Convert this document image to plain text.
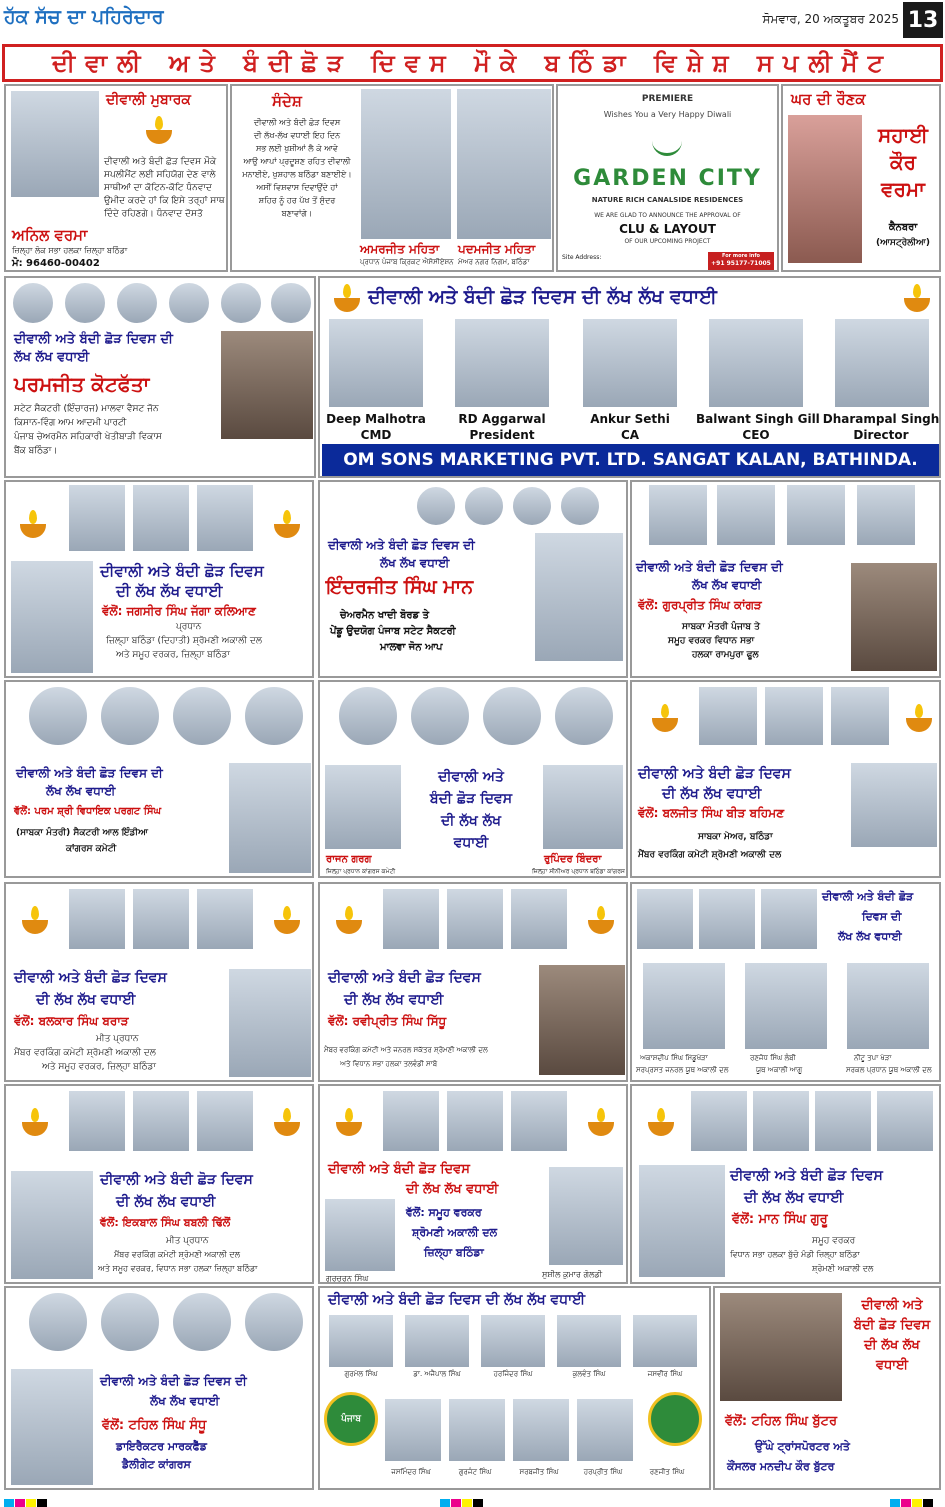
ਹੱਕ ਸੱਚ ਦਾ ਪਹਿਰੇਦਾਰ	ਸੋਮਵਾਰ, 20 ਅਕਤੂਬਰ 2025 13
ਦੀਵਾਲੀ ਅਤੇ ਬੰਦੀਛੋੜ ਦਿਵਸ ਮੌਕੇ ਬਠਿੰਡਾ ਵਿਸ਼ੇਸ਼ ਸਪਲੀਮੈਂਟ
ਦੀਵਾਲੀ ਮੁਬਾਰਕ
ਦੀਵਾਲੀ ਅਤੇ ਬੰਦੀ ਛੋੜ ਦਿਵਸ ਮੌਕੇ
ਸਪਲੀਮੈਂਟ ਲਈ ਸਹਿਯੋਗ ਦੇਣ ਵਾਲੇ
ਸਾਥੀਆਂ ਦਾ ਕੋਟਿਨ-ਕੋਟਿ ਧੰਨਵਾਦ
ਉਮੀਦ ਕਰਦੇ ਹਾਂ ਕਿ ਇਸੇ ਤਰ੍ਹਾਂ ਸਾਥ
ਦਿੰਦੇ ਰਹਿਣਗੇ। ਧੰਨਵਾਦ ਦੋਸਤੋ
ਅਨਿਲ ਵਰਮਾ
ਜ਼ਿਲ੍ਹਾ ਲੋਕ ਸਭਾ ਹਲਕਾ ਜ਼ਿਲ੍ਹਾ ਬਠਿੰਡਾ
ਮੋ: 96460-00402
ਸੰਦੇਸ਼
ਦੀਵਾਲੀ ਅਤੇ ਬੰਦੀ ਛੋੜ ਦਿਵਸ
ਦੀ ਲੱਖ-ਲੱਖ ਵਧਾਈ ਇਹ ਦਿਨ
ਸਭ ਲਈ ਖੁਸ਼ੀਆਂ ਲੈ ਕੇ ਆਵੇ
ਆਉ ਆਪਾਂ ਪ੍ਰਦੂਸ਼ਣ ਰਹਿਤ ਦੀਵਾਲੀ
ਮਨਾਈਏ, ਖੁਸ਼ਹਾਲ ਬਠਿੰਡਾ ਬਣਾਈਏ।
ਅਸੀਂ ਵਿਸ਼ਵਾਸ ਦਿਵਾਉਂਦੇ ਹਾਂ
ਸ਼ਹਿਰ ਨੂੰ ਹਰ ਪੱਖ ਤੋਂ ਸੁੰਦਰ
ਬਣਾਵਾਂਗੇ।
ਅਮਰਜੀਤ ਮਹਿਤਾ
ਪ੍ਰਧਾਨ ਪੰਜਾਬ ਕ੍ਰਿਕਟ ਐਸੋਸੀਏਸ਼ਨ
ਪਦਮਜੀਤ ਮਹਿਤਾ
ਮੇਅਰ ਨਗਰ ਨਿਗਮ, ਬਠਿੰਡਾ
PREMIERE
Wishes You a Very Happy Diwali
GARDEN CITY
NATURE RICH CANALSIDE RESIDENCES
WE ARE GLAD TO ANNOUNCE THE APPROVAL OF
CLU & LAYOUT
OF OUR UPCOMING PROJECT
Site Address:	For more info
+91 95177-71005
ਘਰ ਦੀ ਰੌਣਕ
ਸਹਾਈ
ਕੌਰ
ਵਰਮਾ
ਕੈਨਬਰਾ
(ਆਸਟ੍ਰੇਲੀਆ)
ਦੀਵਾਲੀ ਅਤੇ ਬੰਦੀ ਛੋੜ ਦਿਵਸ ਦੀ
ਲੱਖ ਲੱਖ ਵਧਾਈ
ਪਰਮਜੀਤ ਕੋਟਫੱਤਾ
ਸਟੇਟ ਸੈਕਟਰੀ (ਇੰਚਾਰਜ) ਮਾਲਵਾ ਵੈਸਟ ਜੋਨ
ਕਿਸਾਨ-ਵਿੰਗ ਆਮ ਆਦਮੀ ਪਾਰਟੀ
ਪੰਜਾਬ ਚੇਅਰਮੈਨ ਸਹਿਕਾਰੀ ਖੇਤੀਬਾੜੀ ਵਿਕਾਸ
ਬੈਂਕ ਬਠਿੰਡਾ।
ਦੀਵਾਲੀ ਅਤੇ ਬੰਦੀ ਛੋੜ ਦਿਵਸ ਦੀ ਲੱਖ ਲੱਖ ਵਧਾਈ
Deep Malhotra
CMD
RD Aggarwal
President
Ankur Sethi
CA
Balwant Singh Gill
CEO
Dharampal Singh
Director
OM SONS MARKETING PVT. LTD. SANGAT KALAN, BATHINDA.
ਦੀਵਾਲੀ ਅਤੇ ਬੰਦੀ ਛੋੜ ਦਿਵਸ
ਦੀ ਲੱਖ ਲੱਖ ਵਧਾਈ
ਵੱਲੋਂ: ਜਗਸੀਰ ਸਿੰਘ ਜੱਗਾ ਕਲਿਆਣ
ਪ੍ਰਧਾਨ
ਜ਼ਿਲ੍ਹਾ ਬਠਿੰਡਾ (ਦਿਹਾਤੀ) ਸ਼੍ਰੋਮਣੀ ਅਕਾਲੀ ਦਲ
ਅਤੇ ਸਮੂਹ ਵਰਕਰ, ਜ਼ਿਲ੍ਹਾ ਬਠਿੰਡਾ
ਦੀਵਾਲੀ ਅਤੇ ਬੰਦੀ ਛੋੜ ਦਿਵਸ ਦੀ
ਲੱਖ ਲੱਖ ਵਧਾਈ
ਇੰਦਰਜੀਤ ਸਿੰਘ ਮਾਨ
ਚੇਅਰਮੈਨ ਖਾਦੀ ਬੋਰਡ ਤੇ
ਪੇਂਡੂ ਉਦਯੋਗ ਪੰਜਾਬ ਸਟੇਟ ਸੈਕਟਰੀ
ਮਾਲਵਾ ਜੋਨ ਆਪ
ਦੀਵਾਲੀ ਅਤੇ ਬੰਦੀ ਛੋੜ ਦਿਵਸ ਦੀ
ਲੱਖ ਲੱਖ ਵਧਾਈ
ਵੱਲੋਂ: ਗੁਰਪ੍ਰੀਤ ਸਿੰਘ ਕਾਂਗੜ
ਸਾਬਕਾ ਮੰਤਰੀ ਪੰਜਾਬ ਤੇ
ਸਮੂਹ ਵਰਕਰ ਵਿਧਾਨ ਸਭਾ
ਹਲਕਾ ਰਾਮਪੁਰਾ ਫੂਲ
ਦੀਵਾਲੀ ਅਤੇ ਬੰਦੀ ਛੋੜ ਦਿਵਸ ਦੀ
ਲੱਖ ਲੱਖ ਵਧਾਈ
ਵੱਲੋਂ: ਪਰਮ ਸ਼੍ਰੀ ਵਿਧਾਇਕ ਪਰਗਟ ਸਿੰਘ
(ਸਾਬਕਾ ਮੰਤਰੀ) ਸੈਕਟਰੀ ਆਲ ਇੰਡੀਆ
ਕਾਂਗਰਸ ਕਮੇਟੀ
ਰਾਜਨ ਗਰਗ
ਜ਼ਿਲ੍ਹਾ ਪ੍ਰਧਾਨ ਕਾਂਗਰਸ ਕਮੇਟੀ
ਦੀਵਾਲੀ ਅਤੇ
ਬੰਦੀ ਛੋੜ ਦਿਵਸ
ਦੀ ਲੱਖ ਲੱਖ
ਵਧਾਈ
ਰੁਪਿੰਦਰ ਬਿੰਦਰਾ
ਜ਼ਿਲ੍ਹਾ ਸੀਨੀਅਰ ਪ੍ਰਧਾਨ ਬਠਿੰਡਾ ਕਾਂਗਰਸ
ਦੀਵਾਲੀ ਅਤੇ ਬੰਦੀ ਛੋੜ ਦਿਵਸ
ਦੀ ਲੱਖ ਲੱਖ ਵਧਾਈ
ਵੱਲੋਂ: ਬਲਜੀਤ ਸਿੰਘ ਬੀੜ ਬਹਿਮਣ
ਸਾਬਕਾ ਮੇਅਰ, ਬਠਿੰਡਾ
ਮੈਂਬਰ ਵਰਕਿੰਗ ਕਮੇਟੀ ਸ਼੍ਰੋਮਣੀ ਅਕਾਲੀ ਦਲ
ਦੀਵਾਲੀ ਅਤੇ ਬੰਦੀ ਛੋੜ ਦਿਵਸ
ਦੀ ਲੱਖ ਲੱਖ ਵਧਾਈ
ਵੱਲੋਂ: ਬਲਕਾਰ ਸਿੰਘ ਬਰਾੜ
ਮੀਤ ਪ੍ਰਧਾਨ
ਮੈਂਬਰ ਵਰਕਿੰਗ ਕਮੇਟੀ ਸ਼੍ਰੋਮਣੀ ਅਕਾਲੀ ਦਲ
ਅਤੇ ਸਮੂਹ ਵਰਕਰ, ਜ਼ਿਲ੍ਹਾ ਬਠਿੰਡਾ
ਦੀਵਾਲੀ ਅਤੇ ਬੰਦੀ ਛੋੜ ਦਿਵਸ
ਦੀ ਲੱਖ ਲੱਖ ਵਧਾਈ
ਵੱਲੋਂ: ਰਵੀਪ੍ਰੀਤ ਸਿੰਘ ਸਿੱਧੂ
ਮੈਂਬਰ ਵਰਕਿੰਗ ਕਮੇਟੀ ਅਤੇ ਜਨਰਲ ਸਕੱਤਰ ਸ਼੍ਰੋਮਣੀ ਅਕਾਲੀ ਦਲ
ਅਤੇ ਵਿਧਾਨ ਸਭਾ ਹਲਕਾ ਤਲਵੰਡੀ ਸਾਬੋ
ਦੀਵਾਲੀ ਅਤੇ ਬੰਦੀ ਛੋੜ
ਦਿਵਸ ਦੀ
ਲੱਖ ਲੱਖ ਵਧਾਈ
ਅਕਾਸ਼ਦੀਪ ਸਿੰਘ ਮਿੱਡੂਖੇੜਾ
ਸਰਪ੍ਰਸਤ ਜਨਰਲ ਯੂਥ ਅਕਾਲੀ ਦਲ
ਰਣਜੋਧ ਸਿੰਘ ਲੰਬੀ
ਯੂਥ ਅਕਾਲੀ ਆਗੂ
ਨੀਟੂ ਤਪਾ ਖੇੜਾ
ਸਰਕਲ ਪ੍ਰਧਾਨ ਯੂਥ ਅਕਾਲੀ ਦਲ
ਦੀਵਾਲੀ ਅਤੇ ਬੰਦੀ ਛੋੜ ਦਿਵਸ
ਦੀ ਲੱਖ ਲੱਖ ਵਧਾਈ
ਵੱਲੋਂ: ਇਕਬਾਲ ਸਿੰਘ ਬਬਲੀ ਢਿੱਲੋਂ
ਮੀਤ ਪ੍ਰਧਾਨ
ਮੈਂਬਰ ਵਰਕਿੰਗ ਕਮੇਟੀ ਸ਼੍ਰੋਮਣੀ ਅਕਾਲੀ ਦਲ
ਅਤੇ ਸਮੂਹ ਵਰਕਰ, ਵਿਧਾਨ ਸਭਾ ਹਲਕਾ ਜ਼ਿਲ੍ਹਾ ਬਠਿੰਡਾ
ਦੀਵਾਲੀ ਅਤੇ ਬੰਦੀ ਛੋੜ ਦਿਵਸ
ਦੀ ਲੱਖ ਲੱਖ ਵਧਾਈ
ਗੁਰਚਰਨ ਸਿੰਘ
ਵੱਲੋਂ: ਸਮੂਹ ਵਰਕਰ
ਸ਼੍ਰੋਮਣੀ ਅਕਾਲੀ ਦਲ
ਜ਼ਿਲ੍ਹਾ ਬਠਿੰਡਾ
ਸੁਸ਼ੀਲ ਕੁਮਾਰ ਗੋਲਡੀ
ਦੀਵਾਲੀ ਅਤੇ ਬੰਦੀ ਛੋੜ ਦਿਵਸ
ਦੀ ਲੱਖ ਲੱਖ ਵਧਾਈ
ਵੱਲੋਂ: ਮਾਨ ਸਿੰਘ ਗੁਰੂ
ਸਮੂਹ ਵਰਕਰ
ਵਿਧਾਨ ਸਭਾ ਹਲਕਾ ਬੁੱਚੋ ਮੰਡੀ ਜ਼ਿਲ੍ਹਾ ਬਠਿੰਡਾ
ਸ਼੍ਰੋਮਣੀ ਅਕਾਲੀ ਦਲ
ਦੀਵਾਲੀ ਅਤੇ ਬੰਦੀ ਛੋੜ ਦਿਵਸ ਦੀ
ਲੱਖ ਲੱਖ ਵਧਾਈ
ਵੱਲੋਂ: ਟਹਿਲ ਸਿੰਘ ਸੰਧੂ
ਡਾਇਰੈਕਟਰ ਮਾਰਕਫੈੱਡ
ਡੈਲੀਗੇਟ ਕਾਂਗਰਸ
ਦੀਵਾਲੀ ਅਤੇ ਬੰਦੀ ਛੋੜ ਦਿਵਸ ਦੀ ਲੱਖ ਲੱਖ ਵਧਾਈ
ਗੁਰਮੇਲ ਸਿੰਘ	ਡਾ. ਅਜੈਪਾਲ ਸਿੰਘ	ਹਰਜਿੰਦਰ ਸਿੰਘ	ਕੁਲਵੰਤ ਸਿੰਘ	ਜਸਵੀਰ ਸਿੰਘ
ਪੰਜਾਬ
ਜਸਮਿੰਦਰ ਸਿੰਘ	ਗੁਰਜੰਟ ਸਿੰਘ	ਸਰਬਜੀਤ ਸਿੰਘ	ਹਰਪ੍ਰੀਤ ਸਿੰਘ	ਰਣਜੀਤ ਸਿੰਘ
ਦੀਵਾਲੀ ਅਤੇ
ਬੰਦੀ ਛੋੜ ਦਿਵਸ
ਦੀ ਲੱਖ ਲੱਖ
ਵਧਾਈ
ਵੱਲੋਂ: ਟਹਿਲ ਸਿੰਘ ਬੁੱਟਰ
ਉੱਘੇ ਟ੍ਰਾਂਸਪੋਰਟਰ ਅਤੇ
ਕੌਂਸਲਰ ਮਨਦੀਪ ਕੌਰ ਬੁੱਟਰ
